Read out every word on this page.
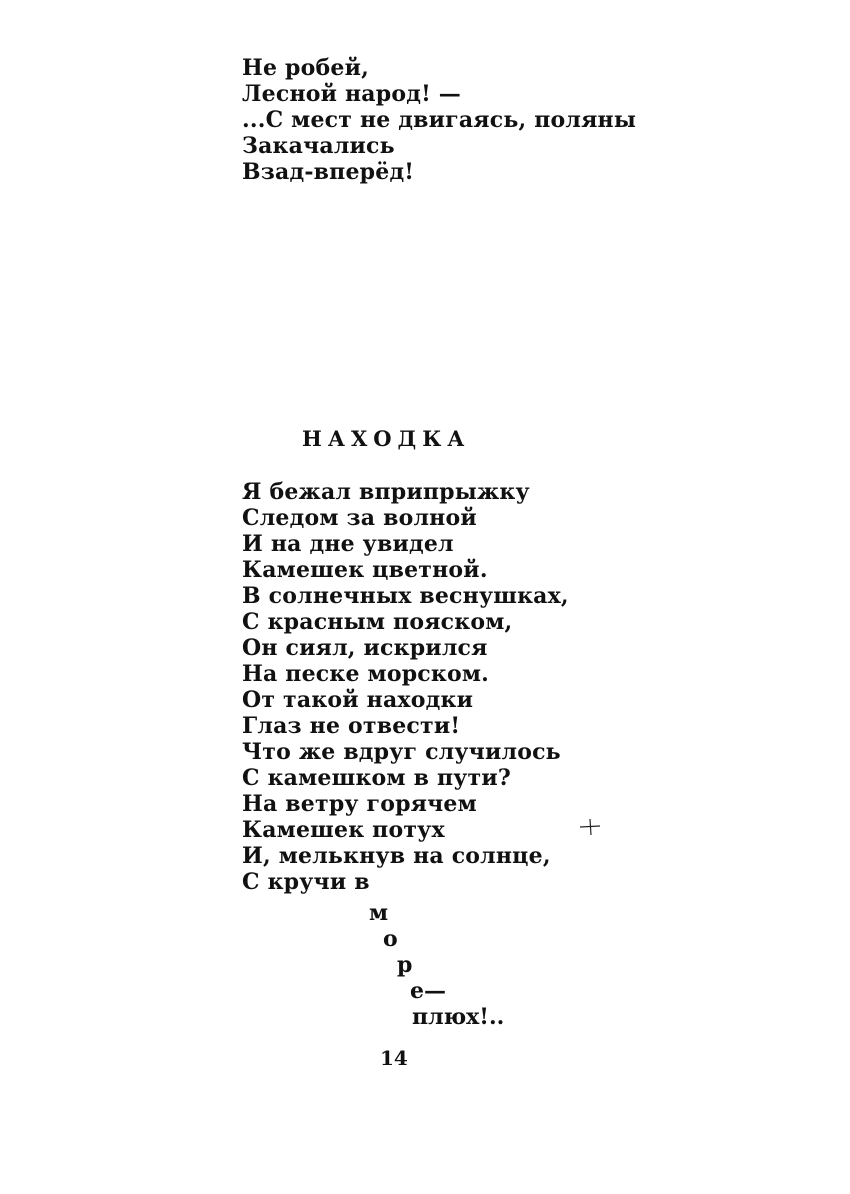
Не робей,
Лесной народ! —
...С мест не двигаясь, поляны
Закачались
Взад-вперёд!
НАХОДКА
Я бежал вприпрыжку
Следом за волной
И на дне увидел
Камешек цветной.
В солнечных веснушках,
С красным пояском,
Он сиял, искрился
На песке морском.
От такой находки
Глаз не отвести!
Что же вдруг случилось
С камешком в пути?
На ветру горячем
Камешек потух
И, мелькнув на солнце,
С кручи в
м
о
р
е—
плюх!..
14
